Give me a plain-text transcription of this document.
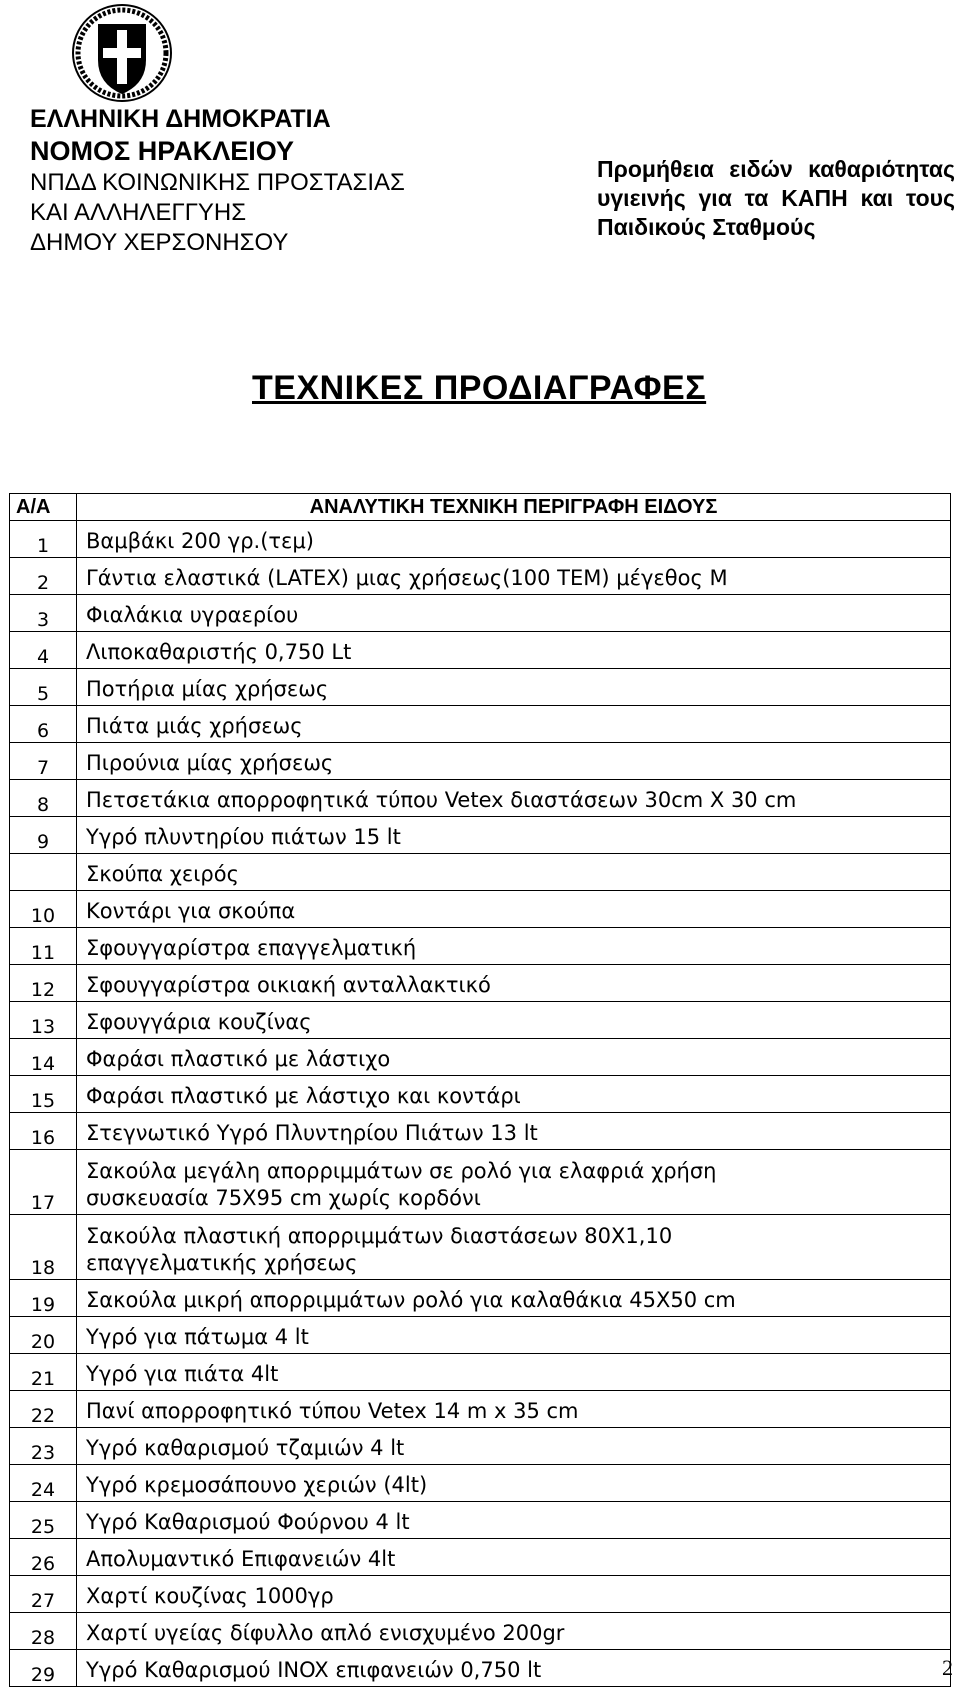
ΕΛΛΗΝΙΚΗ ΔΗΜΟΚΡΑΤΙΑ
ΝΟΜΟΣ ΗΡΑΚΛΕΙΟΥ
ΝΠΔΔ ΚΟΙΝΩΝΙΚΗΣ ΠΡΟΣΤΑΣΙΑΣ
ΚΑΙ ΑΛΛΗΛΕΓΓΥΗΣ
ΔΗΜΟΥ ΧΕΡΣΟΝΗΣΟΥ
Προμήθεια ειδών καθαριότητας υγιεινής για τα ΚΑΠΗ και τους Παιδικούς Σταθμούς
ΤΕΧΝΙΚΕΣ ΠΡΟΔΙΑΓΡΑΦΕΣ
Α/Α	ΑΝΑΛΥΤΙΚΗ ΤΕΧΝΙΚΗ ΠΕΡΙΓΡΑΦΗ ΕΙΔΟΥΣ
1	Βαμβάκι 200 γρ.(τεμ)

2	Γάντια ελαστικά (LATEX) μιας χρήσεως(100 ΤΕΜ) μέγεθος Μ

3	Φιαλάκια υγραερίου

4	Λιποκαθαριστής 0,750 Lt

5	Ποτήρια μίας χρήσεως

6	Πιάτα μιάς χρήσεως

7	Πιρούνια μίας χρήσεως

8	Πετσετάκια απορροφητικά τύπου Vetex διαστάσεων 30cm X 30 cm

9	Υγρό πλυντηρίου πιάτων 15 lt

	Σκούπα χειρός

10	Κοντάρι για σκούπα

11	Σφουγγαρίστρα επαγγελματική

12	Σφουγγαρίστρα οικιακή ανταλλακτικό

13	Σφουγγάρια κουζίνας

14	Φαράσι πλαστικό με λάστιχο

15	Φαράσι πλαστικό με λάστιχο και κοντάρι

16	Στεγνωτικό Υγρό Πλυντηρίου Πιάτων 13 lt

17	Σακούλα μεγάλη απορριμμάτων σε ρολό για ελαφριά χρήση
συσκευασία 75Χ95 cm χωρίς κορδόνι

18	Σακούλα πλαστική απορριμμάτων διαστάσεων 80Χ1,10
επαγγελματικής χρήσεως

19	Σακούλα μικρή απορριμμάτων ρολό για καλαθάκια 45Χ50 cm

20	Υγρό για πάτωμα 4 lt

21	Υγρό για πιάτα 4lt

22	Πανί απορροφητικό τύπου Vetex 14 m x 35 cm

23	Υγρό καθαρισμού τζαμιών 4 lt

24	Υγρό κρεμοσάπουνο χεριών (4lt)

25	Υγρό Καθαρισμού Φούρνου 4 lt

26	Απολυμαντικό Επιφανειών 4lt

27	Χαρτί κουζίνας 1000γρ

28	Χαρτί υγείας δίφυλλο απλό ενισχυμένο 200gr

29	Υγρό Καθαρισμού INOX επιφανειών 0,750 lt	2
